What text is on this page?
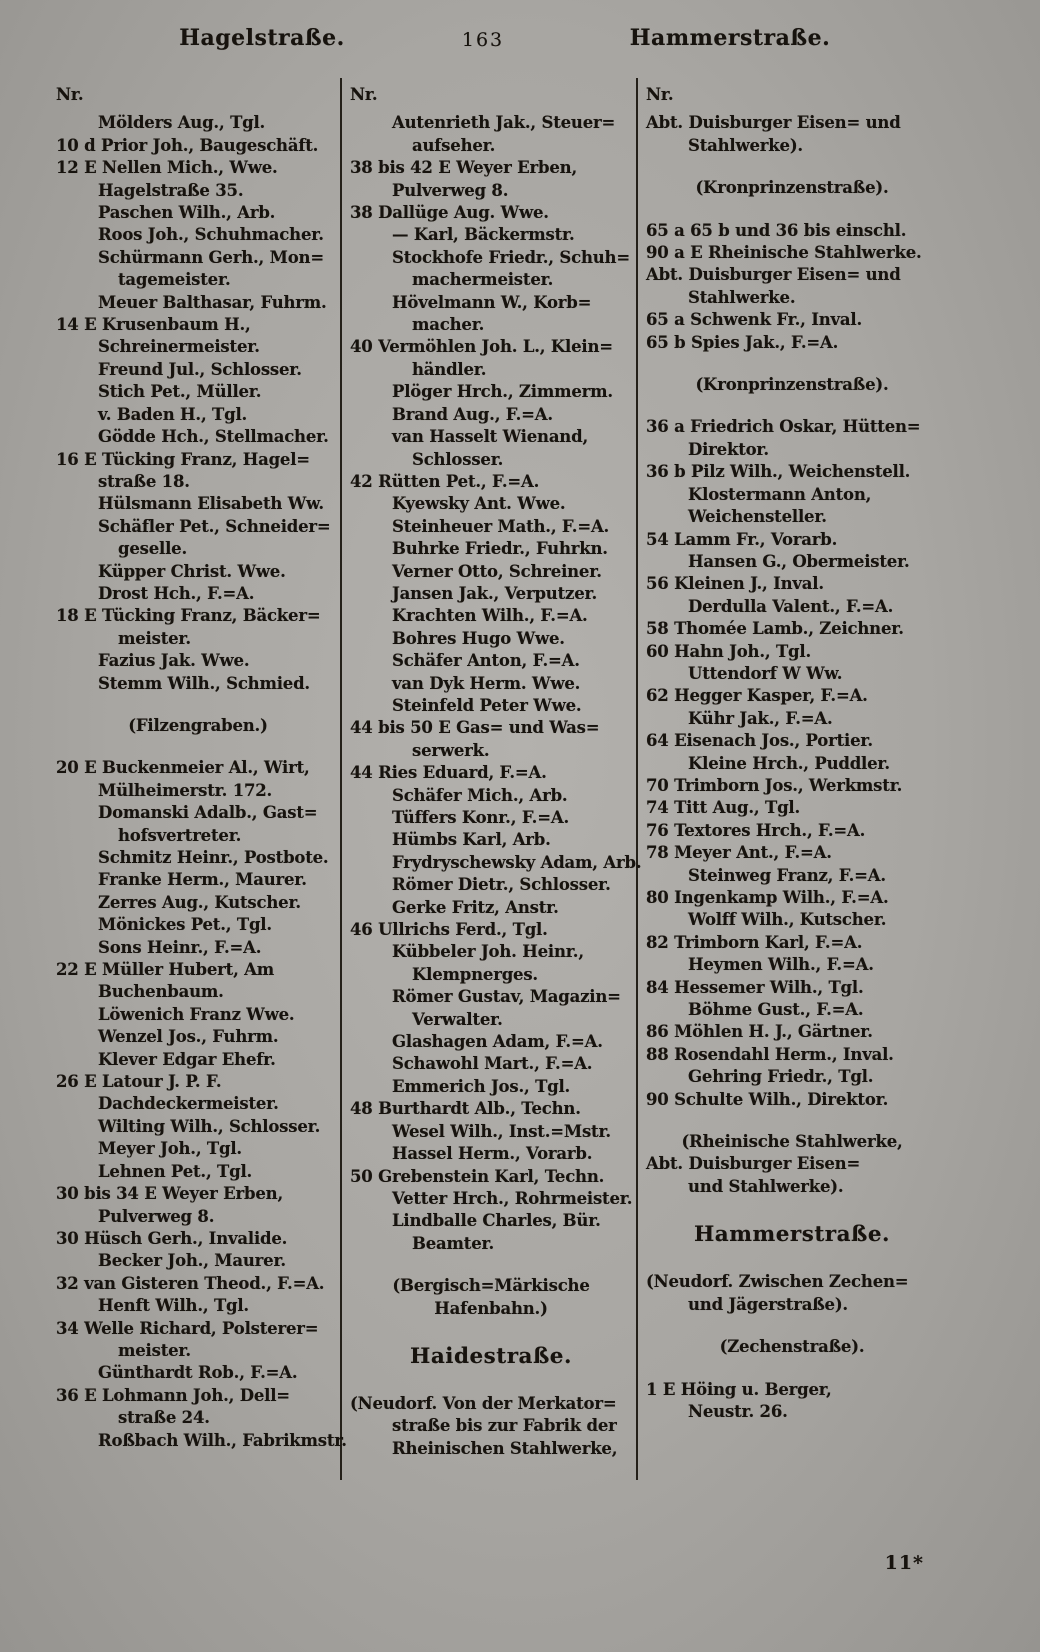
Hagelstraße.	163	Hammerstraße.
Nr.
Mölders Aug., Tgl.
10 d Prior Joh., Baugeschäft.
12 E Nellen Mich., Wwe.
Hagelstraße 35.
Paschen Wilh., Arb.
Roos Joh., Schuhmacher.
Schürmann Gerh., Mon=
tagemeister.
Meuer Balthasar, Fuhrm.
14 E Krusenbaum H.,
Schreinermeister.
Freund Jul., Schlosser.
Stich Pet., Müller.
v. Baden H., Tgl.
Gödde Hch., Stellmacher.
16 E Tücking Franz, Hagel=
straße 18.
Hülsmann Elisabeth Ww.
Schäfler Pet., Schneider=
geselle.
Küpper Christ. Wwe.
Drost Hch., F.=A.
18 E Tücking Franz, Bäcker=
meister.
Fazius Jak. Wwe.
Stemm Wilh., Schmied.
(Filzengraben.)
20 E Buckenmeier Al., Wirt,
Mülheimerstr. 172.
Domanski Adalb., Gast=
hofsvertreter.
Schmitz Heinr., Postbote.
Franke Herm., Maurer.
Zerres Aug., Kutscher.
Mönickes Pet., Tgl.
Sons Heinr., F.=A.
22 E Müller Hubert, Am
Buchenbaum.
Löwenich Franz Wwe.
Wenzel Jos., Fuhrm.
Klever Edgar Ehefr.
26 E Latour J. P. F.
Dachdeckermeister.
Wilting Wilh., Schlosser.
Meyer Joh., Tgl.
Lehnen Pet., Tgl.
30 bis 34 E Weyer Erben,
Pulverweg 8.
30 Hüsch Gerh., Invalide.
Becker Joh., Maurer.
32 van Gisteren Theod., F.=A.
Henft Wilh., Tgl.
34 Welle Richard, Polsterer=
meister.
Günthardt Rob., F.=A.
36 E Lohmann Joh., Dell=
straße 24.
Roßbach Wilh., Fabrikmstr.
Nr.
Autenrieth Jak., Steuer=
aufseher.
38 bis 42 E Weyer Erben,
Pulverweg 8.
38 Dallüge Aug. Wwe.
— Karl, Bäckermstr.
Stockhofe Friedr., Schuh=
machermeister.
Hövelmann W., Korb=
macher.
40 Vermöhlen Joh. L., Klein=
händler.
Plöger Hrch., Zimmerm.
Brand Aug., F.=A.
van Hasselt Wienand,
Schlosser.
42 Rütten Pet., F.=A.
Kyewsky Ant. Wwe.
Steinheuer Math., F.=A.
Buhrke Friedr., Fuhrkn.
Verner Otto, Schreiner.
Jansen Jak., Verputzer.
Krachten Wilh., F.=A.
Bohres Hugo Wwe.
Schäfer Anton, F.=A.
van Dyk Herm. Wwe.
Steinfeld Peter Wwe.
44 bis 50 E Gas= und Was=
serwerk.
44 Ries Eduard, F.=A.
Schäfer Mich., Arb.
Tüffers Konr., F.=A.
Hümbs Karl, Arb.
Frydryschewsky Adam, Arb.
Römer Dietr., Schlosser.
Gerke Fritz, Anstr.
46 Ullrichs Ferd., Tgl.
Kübbeler Joh. Heinr.,
Klempnerges.
Römer Gustav, Magazin=
Verwalter.
Glashagen Adam, F.=A.
Schawohl Mart., F.=A.
Emmerich Jos., Tgl.
48 Burthardt Alb., Techn.
Wesel Wilh., Inst.=Mstr.
Hassel Herm., Vorarb.
50 Grebenstein Karl, Techn.
Vetter Hrch., Rohrmeister.
Lindballe Charles, Bür.
Beamter.
(Bergisch=Märkische
Hafenbahn.)
Haidestraße.
(Neudorf. Von der Merkator=
straße bis zur Fabrik der
Rheinischen Stahlwerke,
Nr.
Abt. Duisburger Eisen= und
Stahlwerke).
(Kronprinzenstraße).
65 a 65 b und 36 bis einschl.
90 a E Rheinische Stahlwerke.
Abt. Duisburger Eisen= und
Stahlwerke.
65 a Schwenk Fr., Inval.
65 b Spies Jak., F.=A.
(Kronprinzenstraße).
36 a Friedrich Oskar, Hütten=
Direktor.
36 b Pilz Wilh., Weichenstell.
Klostermann Anton,
Weichensteller.
54 Lamm Fr., Vorarb.
Hansen G., Obermeister.
56 Kleinen J., Inval.
Derdulla Valent., F.=A.
58 Thomée Lamb., Zeichner.
60 Hahn Joh., Tgl.
Uttendorf W Ww.
62 Hegger Kasper, F.=A.
Kühr Jak., F.=A.
64 Eisenach Jos., Portier.
Kleine Hrch., Puddler.
70 Trimborn Jos., Werkmstr.
74 Titt Aug., Tgl.
76 Textores Hrch., F.=A.
78 Meyer Ant., F.=A.
Steinweg Franz, F.=A.
80 Ingenkamp Wilh., F.=A.
Wolff Wilh., Kutscher.
82 Trimborn Karl, F.=A.
Heymen Wilh., F.=A.
84 Hessemer Wilh., Tgl.
Böhme Gust., F.=A.
86 Möhlen H. J., Gärtner.
88 Rosendahl Herm., Inval.
Gehring Friedr., Tgl.
90 Schulte Wilh., Direktor.
(Rheinische Stahlwerke,
Abt. Duisburger Eisen=
und Stahlwerke).
Hammerstraße.
(Neudorf. Zwischen Zechen=
und Jägerstraße).
(Zechenstraße).
1 E Höing u. Berger,
Neustr. 26.
11*
